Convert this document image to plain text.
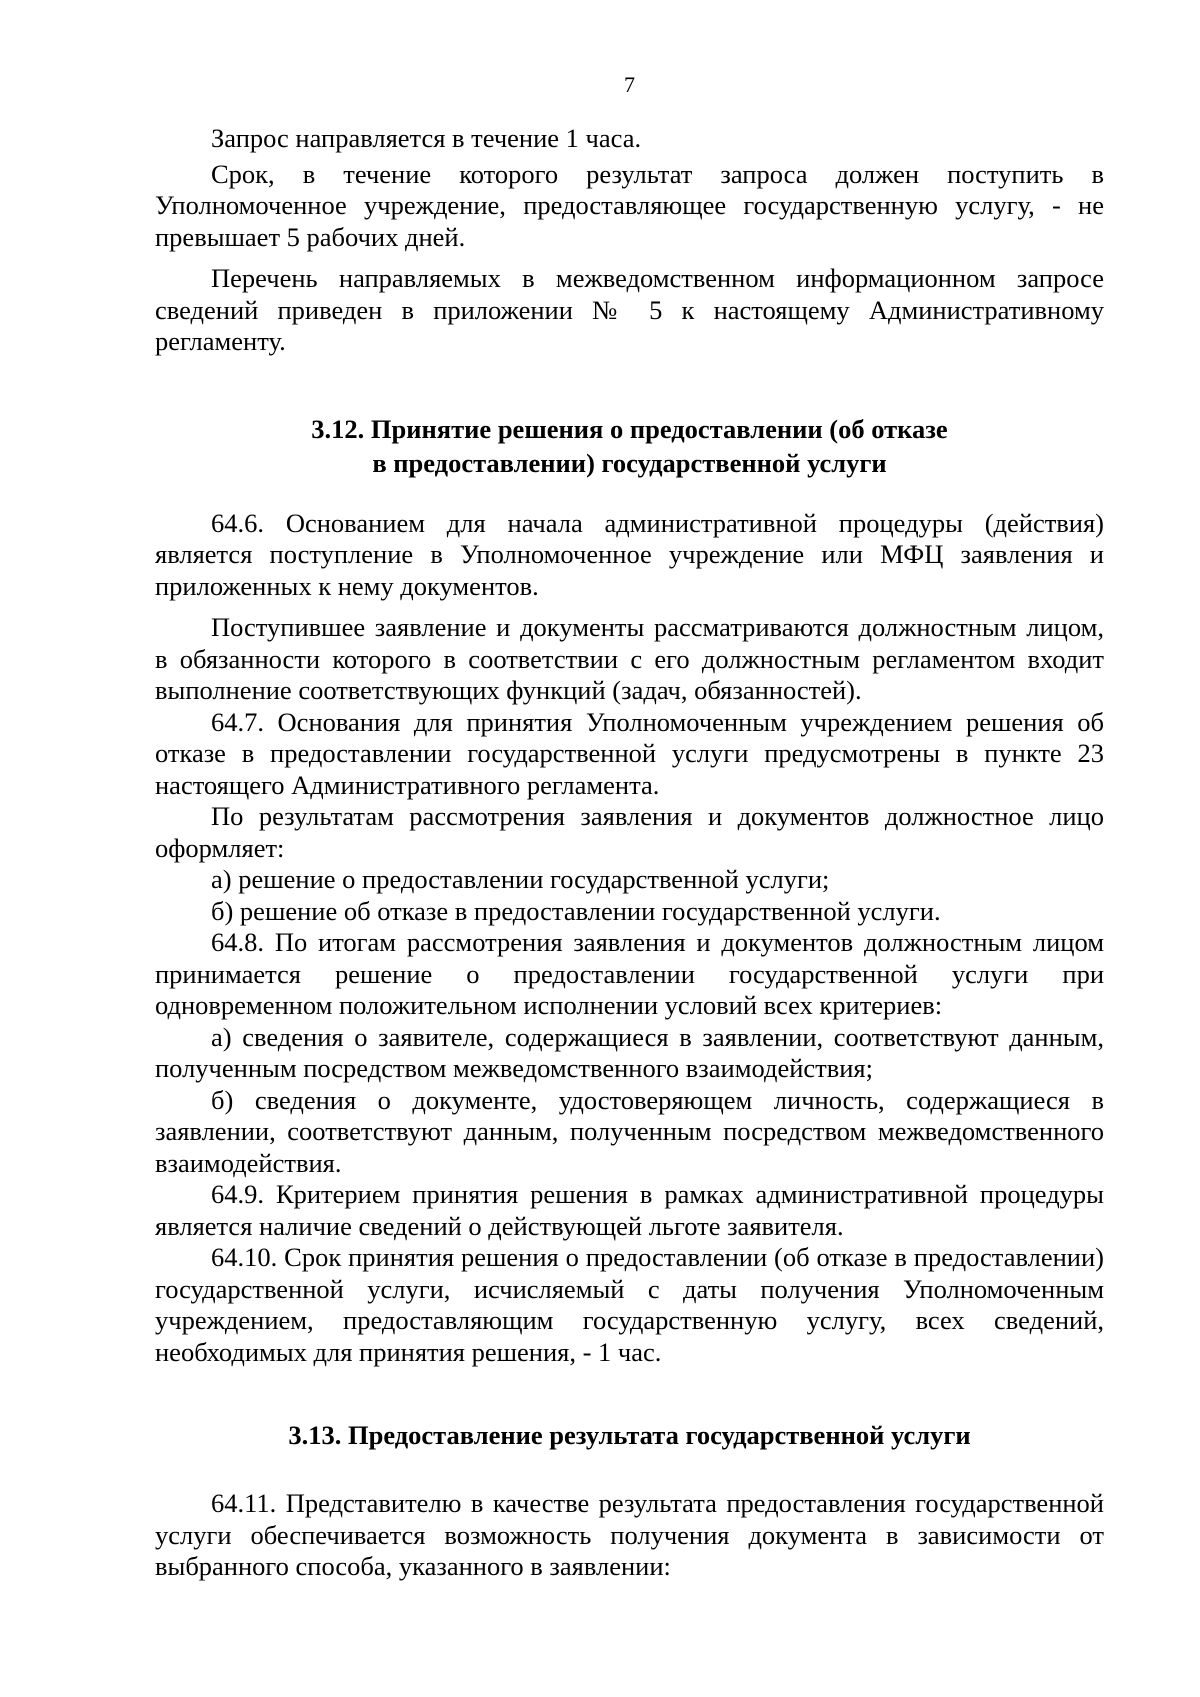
7

Запрос направляется в течение 1 часа.

Срок, в течение которого результат запроса должен поступить в Уполномоченное учреждение, предоставляющее государственную услугу, - не превышает 5 рабочих дней.

Перечень направляемых в межведомственном информационном запросе сведений приведен в приложении № 5 к настоящему Административному регламенту.

3.12. Принятие решения о предоставлении (об отказе
в предоставлении) государственной услуги

64.6. Основанием для начала административной процедуры (действия) является поступление в Уполномоченное учреждение или МФЦ заявления и приложенных к нему документов.

Поступившее заявление и документы рассматриваются должностным лицом, в обязанности которого в соответствии с его должностным регламентом входит выполнение соответствующих функций (задач, обязанностей).

64.7. Основания для принятия Уполномоченным учреждением решения об отказе в предоставлении государственной услуги предусмотрены в пункте 23 настоящего Административного регламента.

По результатам рассмотрения заявления и документов должностное лицо оформляет:

а) решение о предоставлении государственной услуги;

б) решение об отказе в предоставлении государственной услуги.

64.8. По итогам рассмотрения заявления и документов должностным лицом принимается решение о предоставлении государственной услуги при одновременном положительном исполнении условий всех критериев:

а) сведения о заявителе, содержащиеся в заявлении, соответствуют данным, полученным посредством межведомственного взаимодействия;

б) сведения о документе, удостоверяющем личность, содержащиеся в заявлении, соответствуют данным, полученным посредством межведомственного взаимодействия.

64.9. Критерием принятия решения в рамках административной процедуры является наличие сведений о действующей льготе заявителя.

64.10. Срок принятия решения о предоставлении (об отказе в предоставлении) государственной услуги, исчисляемый с даты получения Уполномоченным учреждением, предоставляющим государственную услугу, всех сведений, необходимых для принятия решения, - 1 час.

3.13. Предоставление результата государственной услуги

64.11. Представителю в качестве результата предоставления государственной услуги обеспечивается возможность получения документа в зависимости от выбранного способа, указанного в заявлении:
